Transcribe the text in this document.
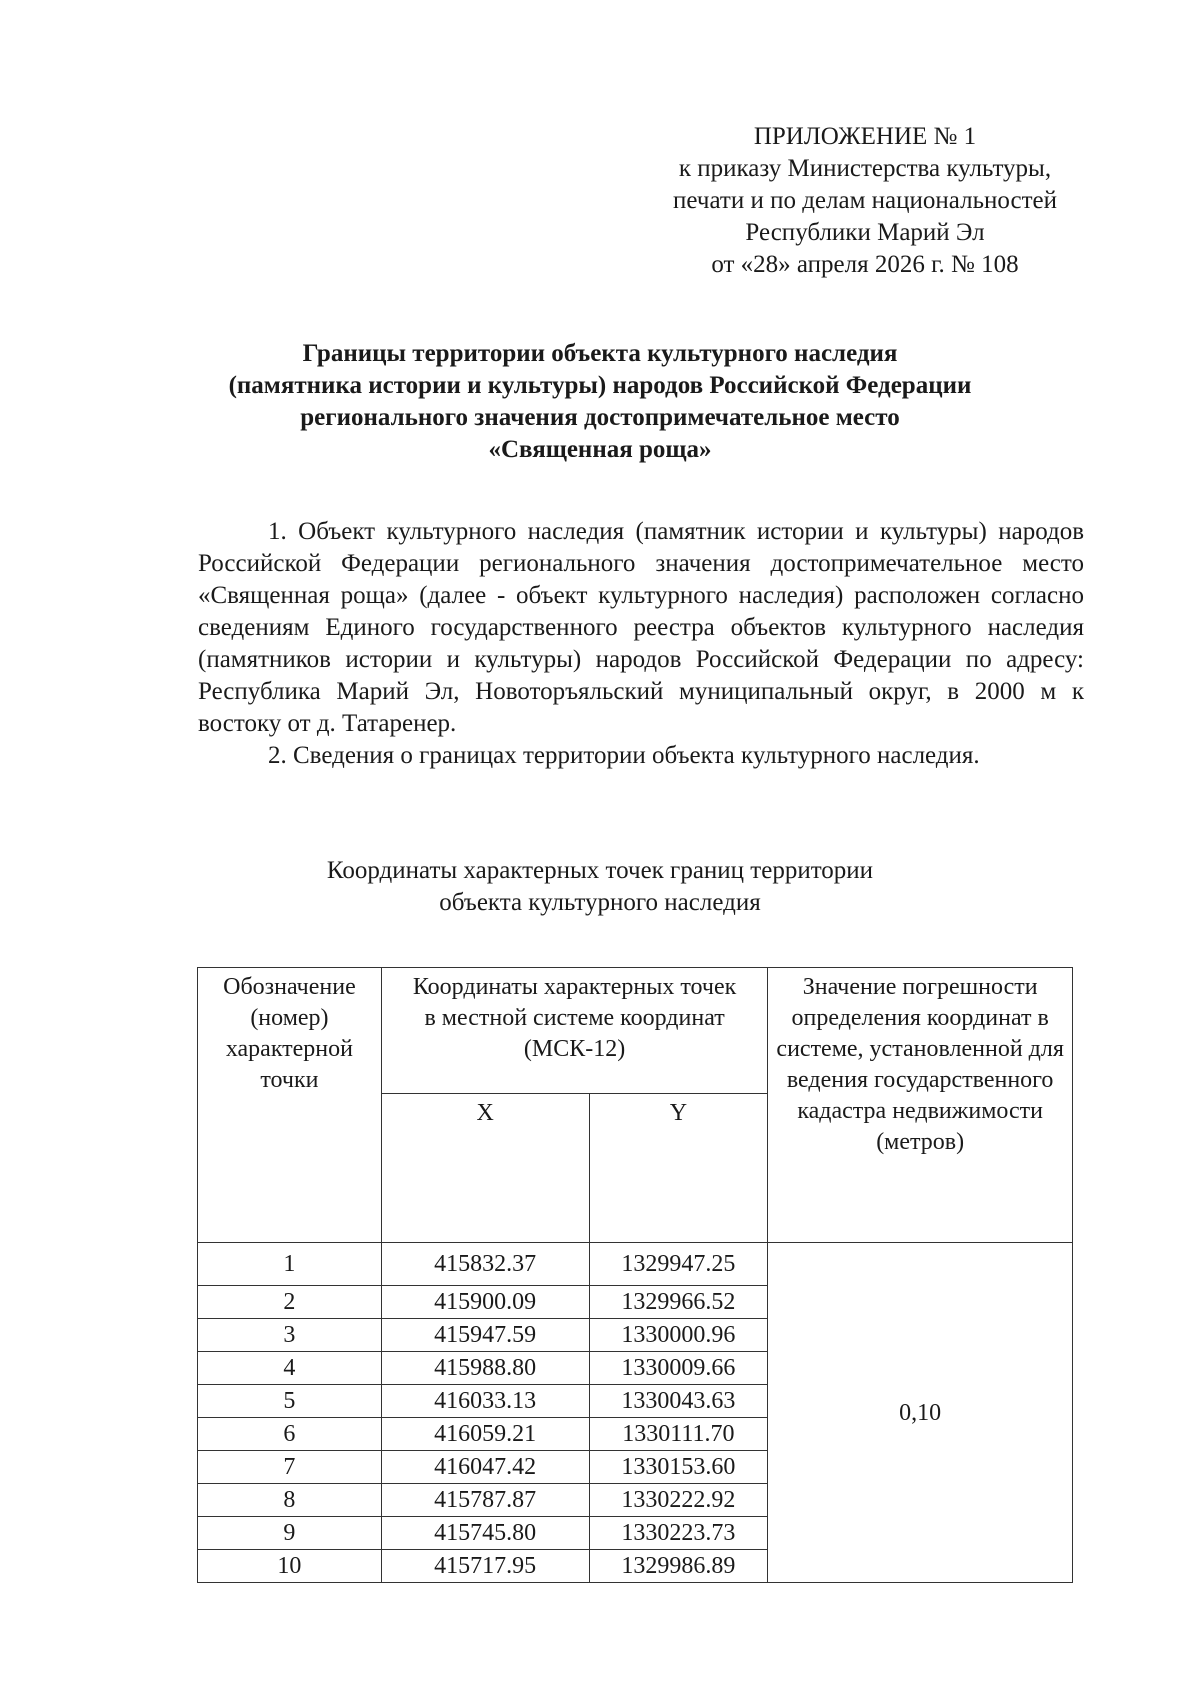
ПРИЛОЖЕНИЕ № 1
к приказу Министерства культуры,
печати и по делам национальностей
Республики Марий Эл
от «28» апреля 2026 г. № 108
Границы территории объекта культурного наследия
(памятника истории и культуры) народов Российской Федерации
регионального значения достопримечательное место
«Священная роща»

1. Объект культурного наследия (памятник истории и культуры) народов Российской Федерации регионального значения достопримечательное место «Священная роща» (далее - объект культурного наследия) расположен согласно сведениям Единого государственного реестра объектов культурного наследия (памятников истории и культуры) народов Российской Федерации по адресу: Республика Марий Эл, Новоторъяльский муниципальный округ, в 2000 м к востоку от д. Татаренер.

2. Сведения о границах территории объекта культурного наследия.

Координаты характерных точек границ территории
объекта культурного наследия
Обозначение (номер) характерной точки	Координаты характерных точек в местной системе координат (МСК-12)		Значение погрешности определения координат в системе, установленной для ведения государственного кадастра недвижимости (метров)
	X	Y	
1	415832.37	1329947.25	0,10
2	415900.09	1329966.52	
3	415947.59	1330000.96	
4	415988.80	1330009.66	
5	416033.13	1330043.63	
6	416059.21	1330111.70	
7	416047.42	1330153.60	
8	415787.87	1330222.92	
9	415745.80	1330223.73	
10	415717.95	1329986.89	
